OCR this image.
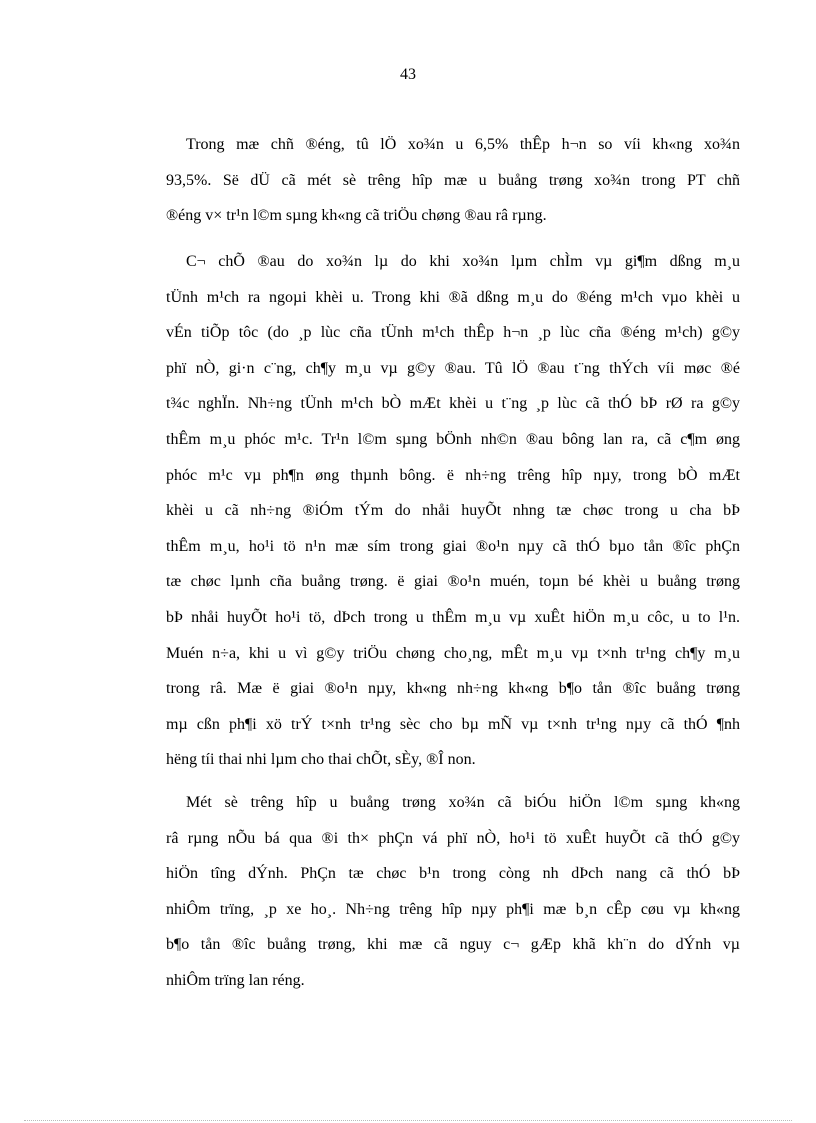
43
Trong mæ chñ ®éng, tû lÖ xo¾n u 6,5% thÊp h¬n so víi kh«ng xo¾n
93,5%. Së dÜ cã mét sè trêng hîp mæ u buång trøng xo¾n trong PT chñ
®éng v× tr¹n l©m sµng kh«ng cã triÖu chøng ®au râ rµng.
C¬ chÕ ®au do xo¾n lµ do khi xo¾n lµm chÌm vµ gi¶m dßng m¸u
tÜnh m¹ch ra ngoµi khèi u. Trong khi ®ã dßng m¸u do ®éng m¹ch vµo khèi u
vÉn tiÕp tôc (do ¸p lùc cña tÜnh m¹ch thÊp h¬n ¸p lùc cña ®éng m¹ch) g©y
phï nÒ, gi·n c¨ng, ch¶y m¸u vµ g©y ®au. Tû lÖ ®au t¨ng thÝch víi møc ®é
t¾c nghÏn. Nh÷ng tÜnh m¹ch bÒ mÆt khèi u t¨ng ¸p lùc cã thÓ bÞ rØ ra g©y
thÊm m¸u phóc m¹c. Tr¹n l©m sµng bÖnh nh©n ®au bông lan ra, cã c¶m øng
phóc m¹c vµ ph¶n øng thµnh bông. ë nh÷ng trêng hîp nµy, trong bÒ mÆt
khèi u cã nh÷ng ®iÓm tÝm do nhåi huyÕt nhng tæ chøc trong u cha bÞ
thÊm m¸u, ho¹i tö n¹n mæ sím trong giai ®o¹n nµy cã thÓ bµo tån ®îc phÇn
tæ chøc lµnh cña buång trøng. ë giai ®o¹n muén, toµn bé khèi u buång trøng
bÞ nhåi huyÕt ho¹i tö, dÞch trong u thÊm m¸u vµ xuÊt hiÖn m¸u côc, u to l¹n.
Muén n÷a, khi u vì g©y triÖu chøng cho¸ng, mÊt m¸u vµ t×nh tr¹ng ch¶y m¸u
trong râ. Mæ ë giai ®o¹n nµy, kh«ng nh÷ng kh«ng b¶o tån ®îc buång trøng
mµ cßn ph¶i xö trÝ t×nh tr¹ng sèc cho bµ mÑ vµ t×nh tr¹ng nµy cã thÓ ¶nh
hëng tíi thai nhi lµm cho thai chÕt, sÈy, ®Î non.
Mét sè trêng hîp u buång trøng xo¾n cã biÓu hiÖn l©m sµng kh«ng
râ rµng nÕu bá qua ®i th× phÇn vá phï nÒ, ho¹i tö xuÊt huyÕt cã thÓ g©y
hiÖn tîng dÝnh. PhÇn tæ chøc b¹n trong còng nh dÞch nang cã thÓ bÞ
nhiÔm trïng, ¸p xe ho¸. Nh÷ng trêng hîp nµy ph¶i mæ b¸n cÊp cøu vµ kh«ng
b¶o tån ®îc buång trøng, khi mæ cã nguy c¬ gÆp khã kh¨n do dÝnh vµ
nhiÔm trïng lan réng.
